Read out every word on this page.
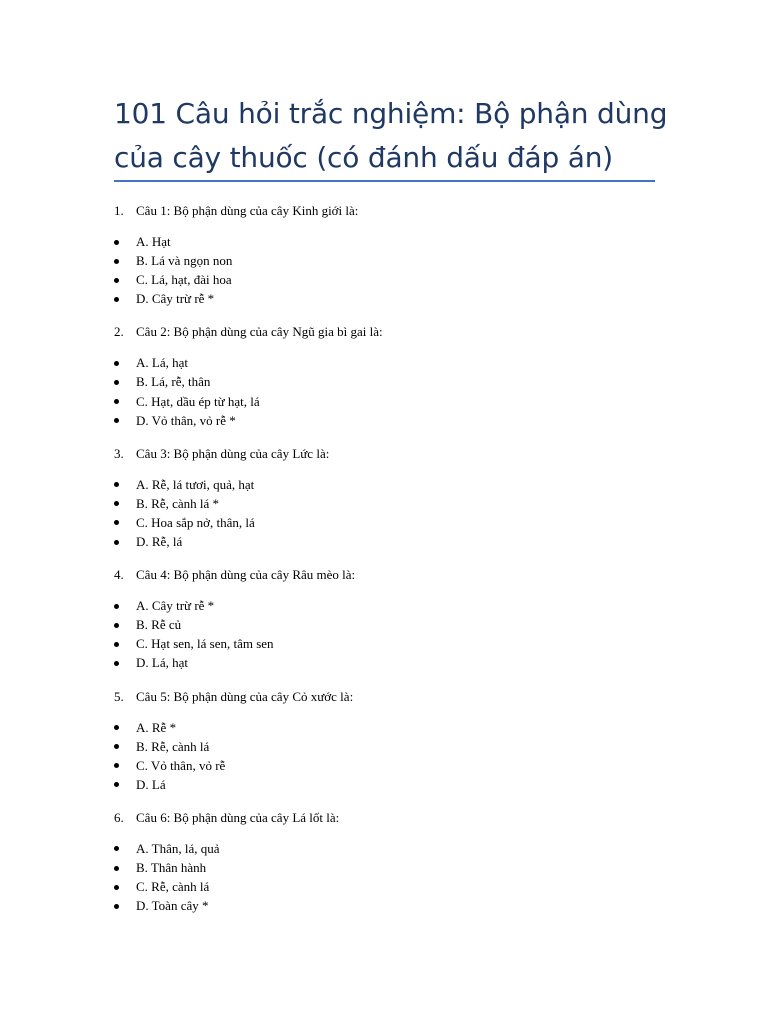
101 Câu hỏi trắc nghiệm: Bộ phận dùng của cây thuốc (có đánh dấu đáp án)
1. Câu 1: Bộ phận dùng của cây Kinh giới là:
A. Hạt
B. Lá và ngọn non
C. Lá, hạt, đài hoa
D. Cây trừ rễ *
2. Câu 2: Bộ phận dùng của cây Ngũ gia bì gai là:
A. Lá, hạt
B. Lá, rễ, thân
C. Hạt, dầu ép từ hạt, lá
D. Vỏ thân, vỏ rễ *
3. Câu 3: Bộ phận dùng của cây Lức là:
A. Rễ, lá tươi, quả, hạt
B. Rễ, cành lá *
C. Hoa sắp nở, thân, lá
D. Rễ, lá
4. Câu 4: Bộ phận dùng của cây Râu mèo là:
A. Cây trừ rễ *
B. Rễ củ
C. Hạt sen, lá sen, tâm sen
D. Lá, hạt
5. Câu 5: Bộ phận dùng của cây Cỏ xước là:
A. Rễ *
B. Rễ, cành lá
C. Vỏ thân, vỏ rễ
D. Lá
6. Câu 6: Bộ phận dùng của cây Lá lốt là:
A. Thân, lá, quả
B. Thân hành
C. Rễ, cành lá
D. Toàn cây *
